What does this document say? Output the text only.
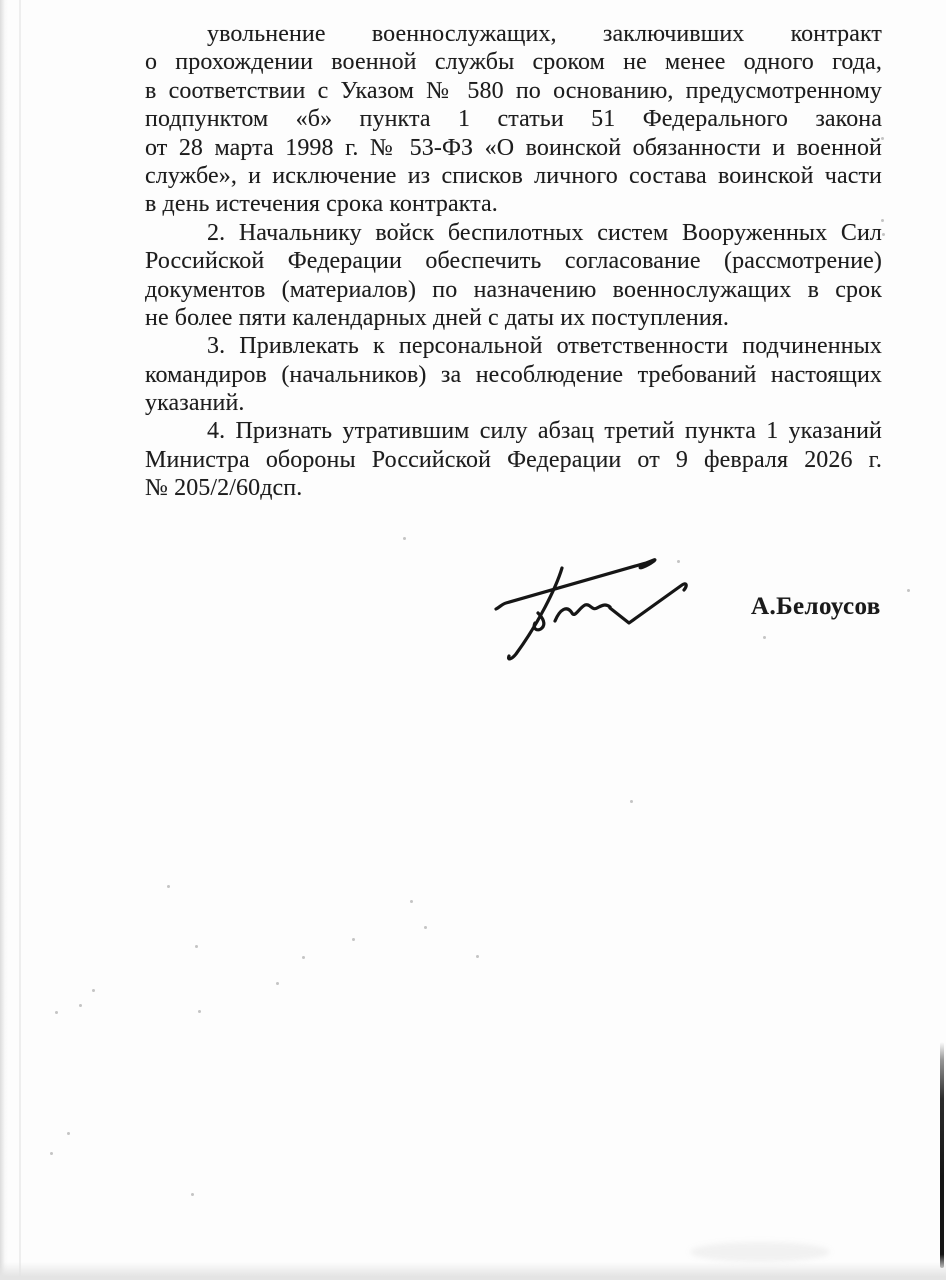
увольнение военнослужащих, заключивших контракт
о прохождении военной службы сроком не менее одного года,
в соответствии с Указом № 580 по основанию, предусмотренному
подпунктом «б» пункта 1 статьи 51 Федерального закона
от 28 марта 1998 г. № 53-ФЗ «О воинской обязанности и военной
службе», и исключение из списков личного состава воинской части
в день истечения срока контракта.
2. Начальнику войск беспилотных систем Вооруженных Сил
Российской Федерации обеспечить согласование (рассмотрение)
документов (материалов) по назначению военнослужащих в срок
не более пяти календарных дней с даты их поступления.
3. Привлекать к персональной ответственности подчиненных
командиров (начальников) за несоблюдение требований настоящих
указаний.
4. Признать утратившим силу абзац третий пункта 1 указаний
Министра обороны Российской Федерации от 9 февраля 2026 г.
№ 205/2/60дсп.
А.Белоусов
